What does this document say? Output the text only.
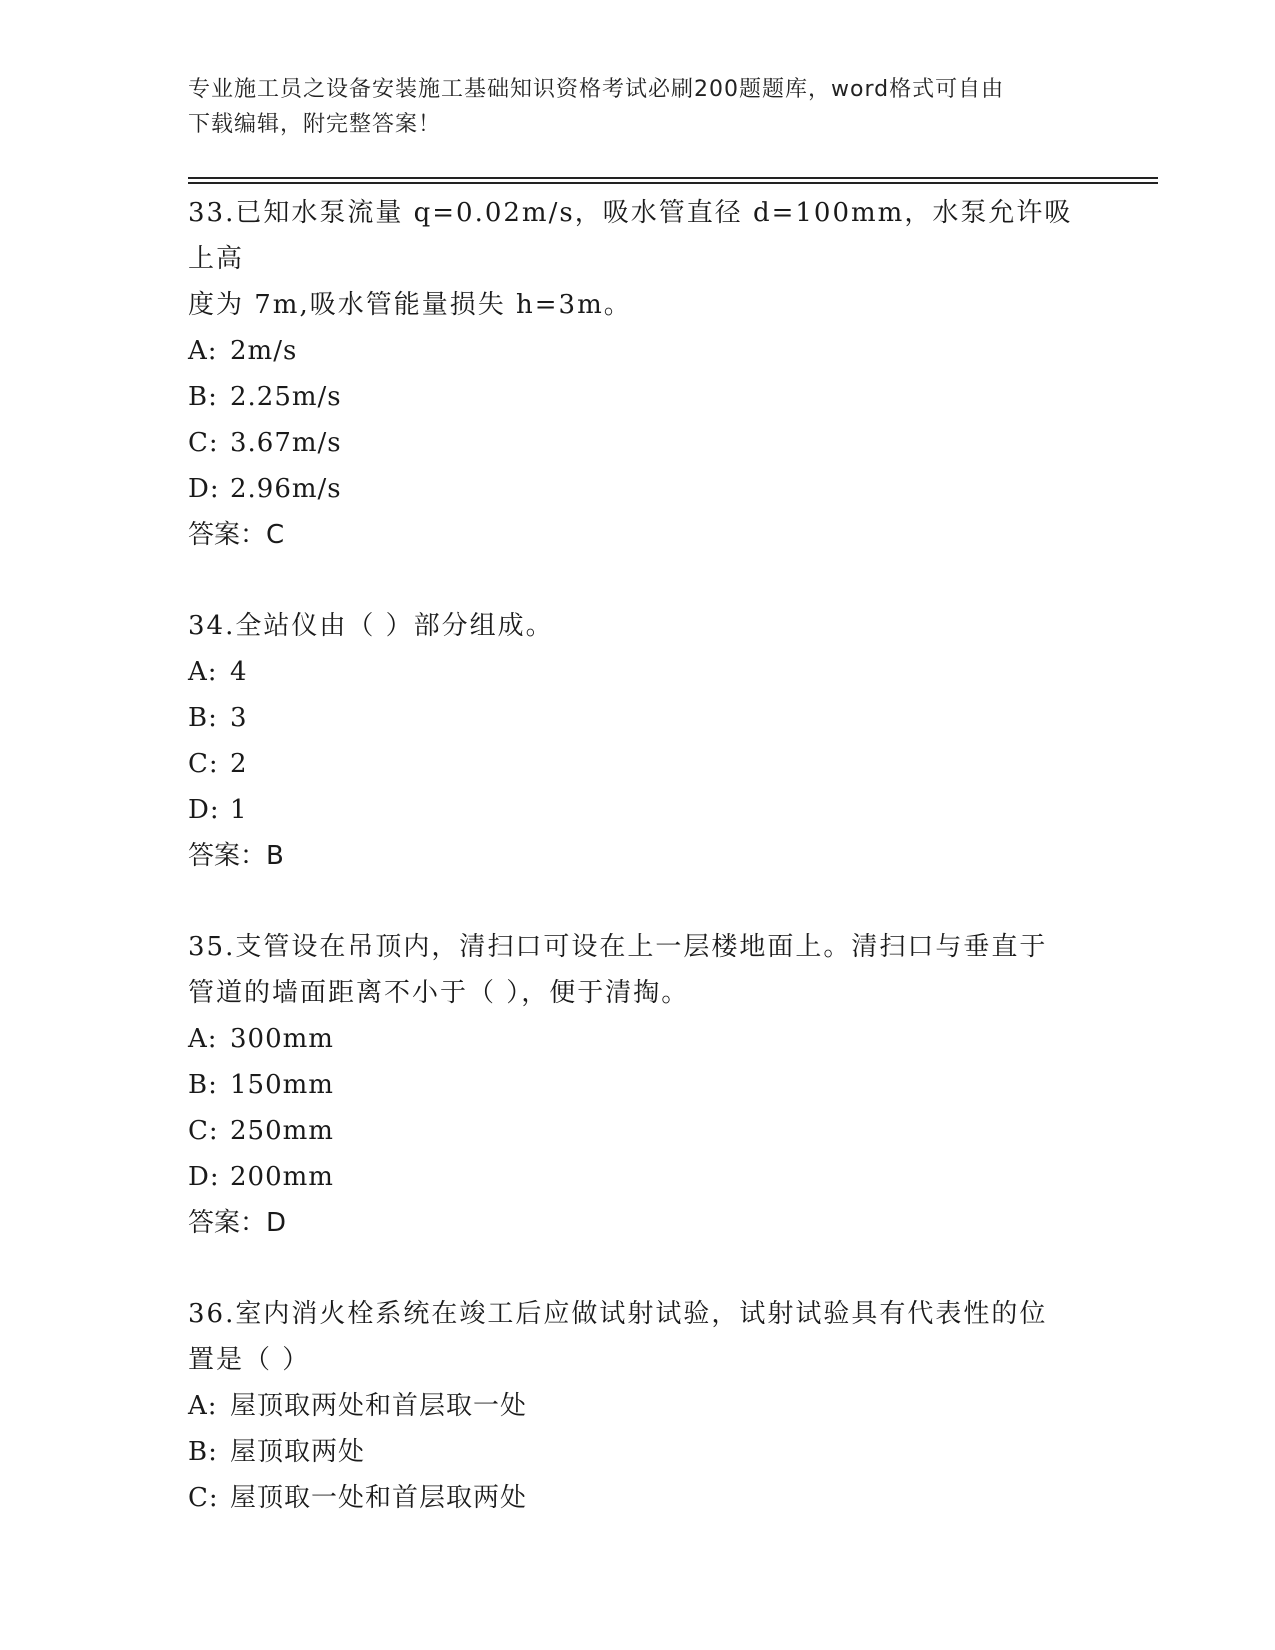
专业施工员之设备安装施工基础知识资格考试必刷200题题库，word格式可自由
下载编辑，附完整答案！
33.已知水泵流量 q=0.02m/s，吸水管直径 d=100mm，水泵允许吸上高
度为 7m,吸水管能量损失 h=3m。
A: 2m/s
B: 2.25m/s
C: 3.67m/s
D: 2.96m/s
答案：C
34.全站仪由（ ）部分组成。
A: 4
B: 3
C: 2
D: 1
答案：B
35.支管设在吊顶内，清扫口可设在上一层楼地面上。清扫口与垂直于
管道的墙面距离不小于（ ），便于清掏。
A: 300mm
B: 150mm
C: 250mm
D: 200mm
答案：D
36.室内消火栓系统在竣工后应做试射试验，试射试验具有代表性的位
置是（ ）
A: 屋顶取两处和首层取一处
B: 屋顶取两处
C: 屋顶取一处和首层取两处
